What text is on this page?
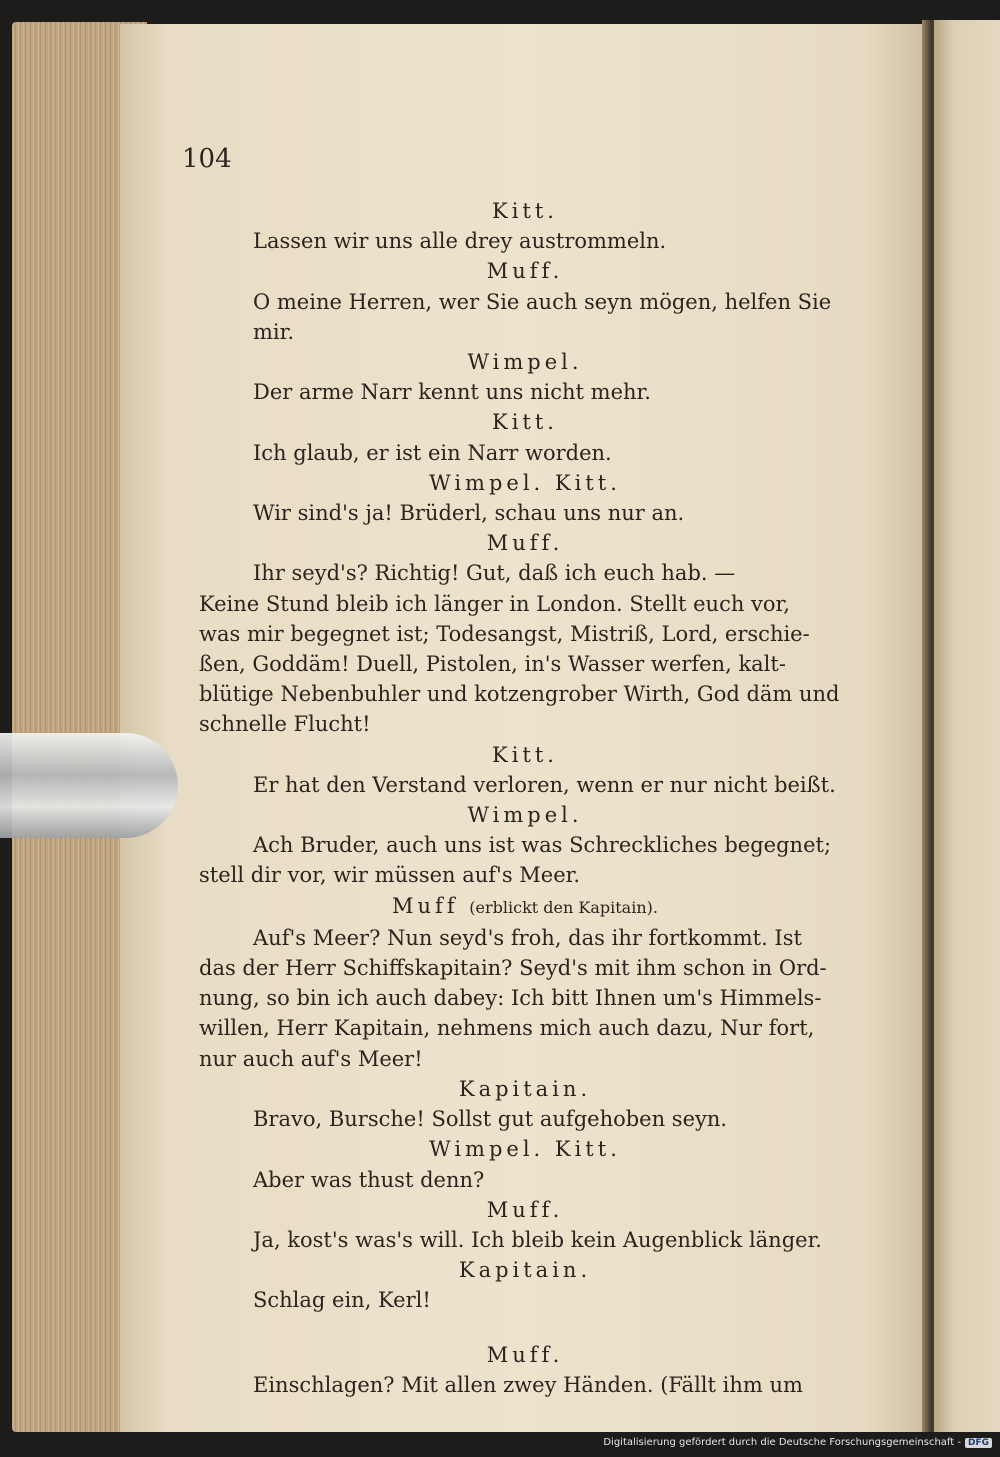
104

Kitt.

Lassen wir uns alle drey austrommeln.

Muff.

O meine Herren, wer Sie auch seyn mögen, helfen Sie mir.

Wimpel.

Der arme Narr kennt uns nicht mehr.

Kitt.

Ich glaub, er ist ein Narr worden.

Wimpel. Kitt.

Wir sind's ja! Brüderl, schau uns nur an.

Muff.

Ihr seyd's? Richtig! Gut, daß ich euch hab. —
Keine Stund bleib ich länger in London. Stellt euch vor,
was mir begegnet ist; Todesangst, Mistriß, Lord, erschie-
ßen, Goddäm! Duell, Pistolen, in's Wasser werfen, kalt-
blütige Nebenbuhler und kotzengrober Wirth, God däm und
schnelle Flucht!

Kitt.

Er hat den Verstand verloren, wenn er nur nicht beißt.

Wimpel.

Ach Bruder, auch uns ist was Schreckliches begegnet;
stell dir vor, wir müssen auf's Meer.

Muff (erblickt den Kapitain).

Auf's Meer? Nun seyd's froh, das ihr fortkommt. Ist
das der Herr Schiffskapitain? Seyd's mit ihm schon in Ord-
nung, so bin ich auch dabey: Ich bitt Ihnen um's Himmels-
willen, Herr Kapitain, nehmens mich auch dazu, Nur fort,
nur auch auf's Meer!

Kapitain.

Bravo, Bursche! Sollst gut aufgehoben seyn.

Wimpel. Kitt.

Aber was thust denn?

Muff.

Ja, kost's was's will. Ich bleib kein Augenblick länger.

Kapitain.

Schlag ein, Kerl!

Muff.

Einschlagen? Mit allen zwey Händen. (Fällt ihm um

Digitalisierung gefördert durch die Deutsche Forschungsgemeinschaft - DFG
